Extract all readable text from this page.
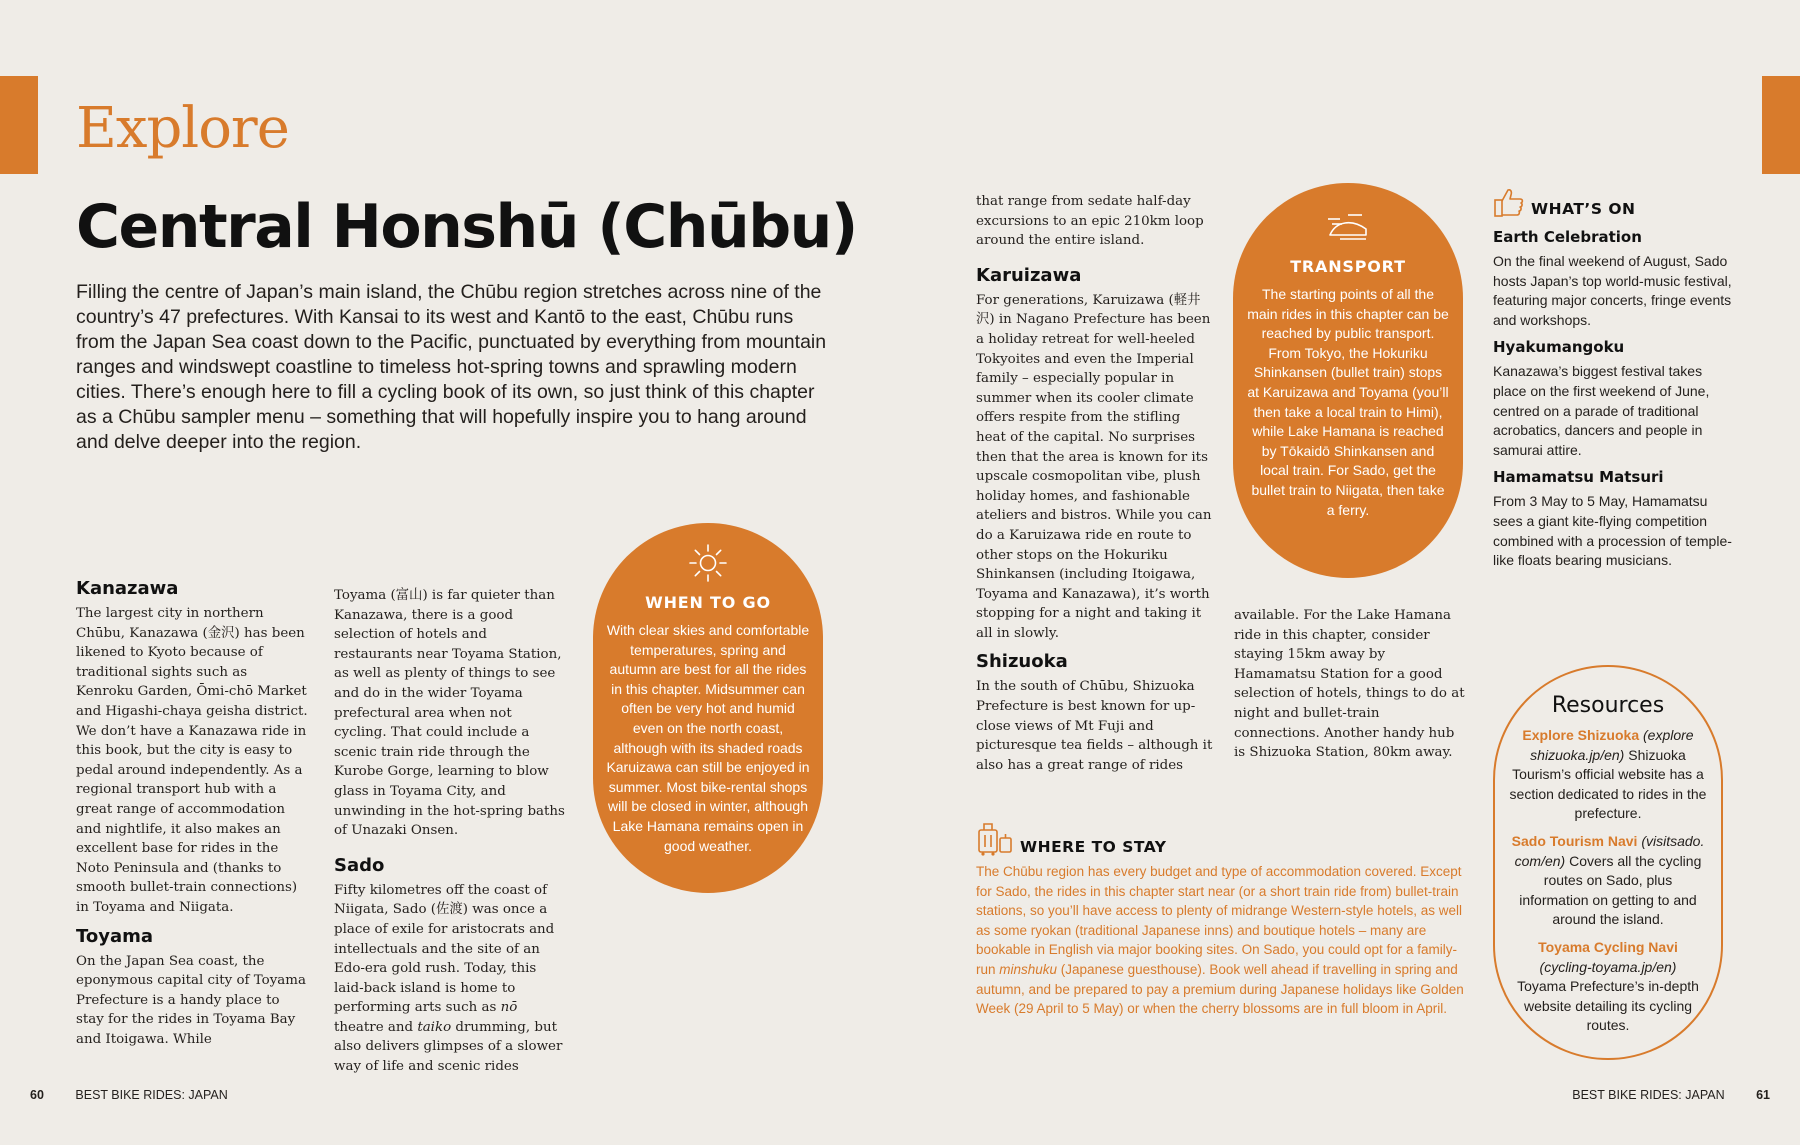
Explore
Central Honshū (Chūbu)

Filling the centre of Japan’s main island, the Chūbu region stretches across nine of the country’s 47 prefectures. With Kansai to its west and Kantō to the east, Chūbu runs from the Japan Sea coast down to the Pacific, punctuated by everything from mountain ranges and windswept coastline to timeless hot-spring towns and sprawling modern cities. There’s enough here to fill a cycling book of its own, so just think of this chapter as a Chūbu sampler menu – something that will hopefully inspire you to hang around and delve deeper into the region.

Kanazawa

The largest city in northern Chūbu, Kanazawa (金沢) has been likened to Kyoto because of traditional sights such as Kenroku Garden, Ōmi-chō Market and Higashi-chaya geisha district. We don’t have a Kanazawa ride in this book, but the city is easy to pedal around independently. As a regional transport hub with a great range of accommodation and nightlife, it also makes an excellent base for rides in the Noto Peninsula and (thanks to smooth bullet-train connections) in Toyama and Niigata.

Toyama

On the Japan Sea coast, the eponymous capital city of Toyama Prefecture is a handy place to stay for the rides in Toyama Bay and Itoigawa. While

Toyama (富山) is far quieter than Kanazawa, there is a good selection of hotels and restaurants near Toyama Station, as well as plenty of things to see and do in the wider Toyama prefectural area when not cycling. That could include a scenic train ride through the Kurobe Gorge, learning to blow glass in Toyama City, and unwinding in the hot-spring baths of Unazaki Onsen.

Sado

Fifty kilometres off the coast of Niigata, Sado (佐渡) was once a place of exile for aristocrats and intellectuals and the site of an Edo-era gold rush. Today, this laid-back island is home to performing arts such as nō theatre and taiko drumming, but also delivers glimpses of a slower way of life and scenic rides

WHEN TO GO
With clear skies and comfortable temperatures, spring and autumn are best for all the rides in this chapter. Midsummer can often be very hot and humid even on the north coast, although with its shaded roads Karuizawa can still be enjoyed in summer. Most bike-rental shops will be closed in winter, although Lake Hamana remains open in good weather.

that range from sedate half-day excursions to an epic 210km loop around the entire island.

Karuizawa

For generations, Karuizawa (軽井沢) in Nagano Prefecture has been a holiday retreat for well-heeled Tokyoites and even the Imperial family – especially popular in summer when its cooler climate offers respite from the stifling heat of the capital. No surprises then that the area is known for its upscale cosmopolitan vibe, plush holiday homes, and fashionable ateliers and bistros. While you can do a Karuizawa ride en route to other stops on the Hokuriku Shinkansen (including Itoigawa, Toyama and Kanazawa), it’s worth stopping for a night and taking it all in slowly.

Shizuoka

In the south of Chūbu, Shizuoka Prefecture is best known for up-close views of Mt Fuji and picturesque tea fields – although it also has a great range of rides

TRANSPORT
The starting points of all the main rides in this chapter can be reached by public transport. From Tokyo, the Hokuriku Shinkansen (bullet train) stops at Karuizawa and Toyama (you’ll then take a local train to Himi), while Lake Hamana is reached by Tōkaidō Shinkansen and local train. For Sado, get the bullet train to Niigata, then take a ferry.

available. For the Lake Hamana ride in this chapter, consider staying 15km away by Hamamatsu Station for a good selection of hotels, things to do at night and bullet-train connections. Another handy hub is Shizuoka Station, 80km away.

WHAT’S ON
Earth Celebration

On the final weekend of August, Sado hosts Japan’s top world-music festival, featuring major concerts, fringe events and workshops.

Hyakumangoku

Kanazawa’s biggest festival takes place on the first weekend of June, centred on a parade of traditional acrobatics, dancers and people in samurai attire.

Hamamatsu Matsuri

From 3 May to 5 May, Hamamatsu sees a giant kite-flying competition combined with a procession of temple-like floats bearing musicians.

WHERE TO STAY

The Chūbu region has every budget and type of accommodation covered. Except for Sado, the rides in this chapter start near (or a short train ride from) bullet-train stations, so you’ll have access to plenty of midrange Western-style hotels, as well as some ryokan (traditional Japanese inns) and boutique hotels – many are bookable in English via major booking sites. On Sado, you could opt for a family-run minshuku (Japanese guesthouse). Book well ahead if travelling in spring and autumn, and be prepared to pay a premium during Japanese holidays like Golden Week (29 April to 5 May) or when the cherry blossoms are in full bloom in April.

Resources

Explore Shizuoka (explore shizuoka.jp/en) Shizuoka Tourism’s official website has a section dedicated to rides in the prefecture.

Sado Tourism Navi (visitsado. com/en) Covers all the cycling routes on Sado, plus information on getting to and around the island.

Toyama Cycling Navi
(cycling-toyama.jp/en)
Toyama Prefecture’s in-depth website detailing its cycling routes.

60	BEST BIKE RIDES: JAPAN	BEST BIKE RIDES: JAPAN	61
